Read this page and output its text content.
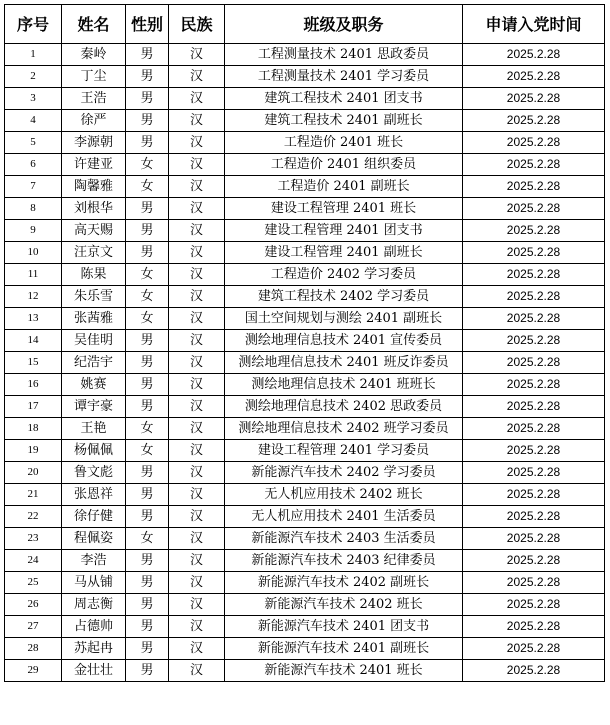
序号	姓名	性别	民族	班级及职务	申请入党时间
1	秦岭	男	汉	工程测量技术 2401 思政委员	2025.2.28
2	丁尘	男	汉	工程测量技术 2401 学习委员	2025.2.28
3	王浩	男	汉	建筑工程技术 2401 团支书	2025.2.28
4	徐严	男	汉	建筑工程技术 2401 副班长	2025.2.28
5	李源朝	男	汉	工程造价 2401 班长	2025.2.28
6	许建亚	女	汉	工程造价 2401 组织委员	2025.2.28
7	陶馨雅	女	汉	工程造价 2401 副班长	2025.2.28
8	刘根华	男	汉	建设工程管理 2401 班长	2025.2.28
9	高天赐	男	汉	建设工程管理 2401 团支书	2025.2.28
10	汪京文	男	汉	建设工程管理 2401 副班长	2025.2.28
11	陈果	女	汉	工程造价 2402 学习委员	2025.2.28
12	朱乐雪	女	汉	建筑工程技术 2402 学习委员	2025.2.28
13	张茜雅	女	汉	国土空间规划与测绘 2401 副班长	2025.2.28
14	吴佳明	男	汉	测绘地理信息技术 2401 宣传委员	2025.2.28
15	纪浩宇	男	汉	测绘地理信息技术 2401 班反诈委员	2025.2.28
16	姚赛	男	汉	测绘地理信息技术 2401 班班长	2025.2.28
17	谭宇豪	男	汉	测绘地理信息技术 2402 思政委员	2025.2.28
18	王艳	女	汉	测绘地理信息技术 2402 班学习委员	2025.2.28
19	杨佩佩	女	汉	建设工程管理 2401 学习委员	2025.2.28
20	鲁文彪	男	汉	新能源汽车技术 2402 学习委员	2025.2.28
21	张恩祥	男	汉	无人机应用技术 2402 班长	2025.2.28
22	徐仔健	男	汉	无人机应用技术 2401 生活委员	2025.2.28
23	程佩姿	女	汉	新能源汽车技术 2403 生活委员	2025.2.28
24	李浩	男	汉	新能源汽车技术 2403 纪律委员	2025.2.28
25	马从铺	男	汉	新能源汽车技术 2402 副班长	2025.2.28
26	周志衡	男	汉	新能源汽车技术 2402 班长	2025.2.28
27	占德帅	男	汉	新能源汽车技术 2401 团支书	2025.2.28
28	苏起冉	男	汉	新能源汽车技术 2401 副班长	2025.2.28
29	金壮壮	男	汉	新能源汽车技术 2401 班长	2025.2.28
